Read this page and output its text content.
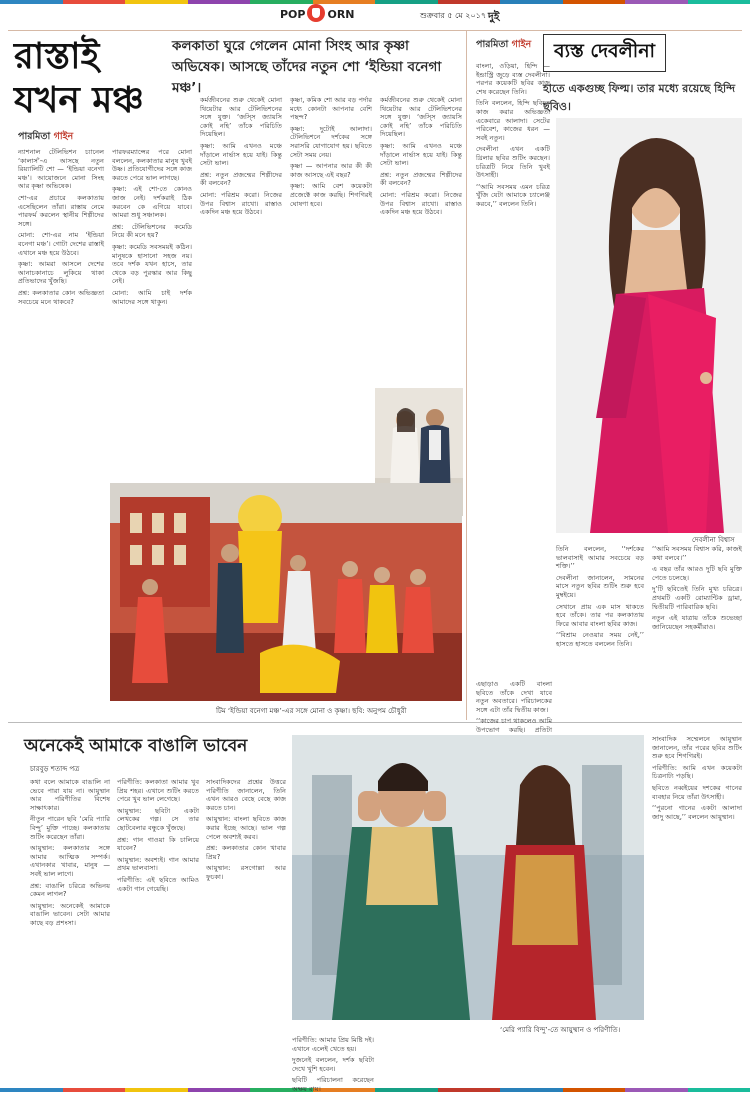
POP ORN	শুক্রবার ৫ মে ২০১৭ দুই
রাস্তাই যখন মঞ্চ
কলকাতা ঘুরে গেলেন মোনা সিংহ আর কৃষ্ণা অভিষেক। আসছে তাঁদের নতুন শো ‘ইন্ডিয়া বনেগা মঞ্চ’।
পারমিতা গাইন

ন্যাশনাল টেলিভিশন চ্যানেল ‘কালার্স’-এ আসছে নতুন রিয়্যালিটি শো — ‘ইন্ডিয়া বনেগা মঞ্চ’। আয়োজনে মোনা সিংহ আর কৃষ্ণা অভিষেক।

শো-এর প্রচারে কলকাতায় এসেছিলেন তাঁরা। রাস্তায় নেমে পারফর্ম করলেন স্থানীয় শিল্পীদের সঙ্গে।

মোনা: শো-এর নাম ‘ইন্ডিয়া বনেগা মঞ্চ’। গোটা দেশের রাস্তাই এখানে মঞ্চ হয়ে উঠবে।

কৃষ্ণা: আমরা আসলে দেশের আনাচকানাচে লুকিয়ে থাকা প্রতিভাদের খুঁজছি।

প্রশ্ন: কলকাতার কোন অভিজ্ঞতা সবচেয়ে মনে থাকবে?

পারফরম্যান্সের পরে মোনা বললেন, কলকাতার মানুষ খুবই উষ্ণ। প্রতিযোগীদের সঙ্গে কাজ করতে পেরে ভাল লাগছে।

কৃষ্ণা: এই শো-তে কোনও জাজ নেই। দর্শকরাই ঠিক করবেন কে এগিয়ে যাবে। আমরা শুধু সঞ্চালক।

প্রশ্ন: টেলিভিশনের কমেডি নিয়ে কী মনে হয়?

কৃষ্ণা: কমেডি সবসময়ই কঠিন। মানুষকে হাসানো সহজ নয়। তবে দর্শক যখন হাসে, তার থেকে বড় পুরস্কার আর কিছু নেই।

মোনা: আমি চাই দর্শক আমাদের সঙ্গে থাকুন।

কর্মজীবনের শুরু থেকেই মোনা থিয়েটার আর টেলিভিশনের সঙ্গে যুক্ত। ‘জস্সি জ্যায়সি কোই নহি’ তাঁকে পরিচিতি দিয়েছিল।

কৃষ্ণা: আমি এখনও মঞ্চে দাঁড়ালে নার্ভাস হয়ে যাই। কিন্তু সেটা ভাল।

প্রশ্ন: নতুন প্রজন্মের শিল্পীদের কী বলবেন?

মোনা: পরিশ্রম করো। নিজের উপর বিশ্বাস রাখো। রাস্তাও একদিন মঞ্চ হয়ে উঠবে।

কৃষ্ণা, কমিক শো আর বড় পর্দার মধ্যে কোনটা আপনার বেশি পছন্দ?

কৃষ্ণা: দুটোই আলাদা। টেলিভিশনে দর্শকের সঙ্গে সরাসরি যোগাযোগ হয়। ছবিতে সেটা সময় নেয়।

কৃষ্ণা — আপনার আর কী কী কাজ আসছে এই বছর?

কৃষ্ণা: আমি বেশ কয়েকটা প্রজেক্টে কাজ করছি। শিগগিরই ঘোষণা হবে।

কর্মজীবনের শুরু থেকেই মোনা থিয়েটার আর টেলিভিশনের সঙ্গে যুক্ত। ‘জস্সি জ্যায়সি কোই নহি’ তাঁকে পরিচিতি দিয়েছিল।

কৃষ্ণা: আমি এখনও মঞ্চে দাঁড়ালে নার্ভাস হয়ে যাই। কিন্তু সেটা ভাল।

প্রশ্ন: নতুন প্রজন্মের শিল্পীদের কী বলবেন?

মোনা: পরিশ্রম করো। নিজের উপর বিশ্বাস রাখো। রাস্তাও একদিন মঞ্চ হয়ে উঠবে।

টিম ‘ইন্ডিয়া বনেগা মঞ্চ’-এর সঙ্গে মোনা ও কৃষ্ণা। ছবি: অনুপম চৌধুরী
পারমিতা গাইন	ব্যস্ত দেবলীনা
হাতে একগুচ্ছ ফিল্ম। তার মধ্যে রয়েছে হিন্দি ছবিও।

বাংলা, ওড়িয়া, হিন্দি — ইন্ডাস্ট্রি জুড়ে ব্যস্ত দেবলীনা। পরপর কয়েকটি ছবির কাজ শেষ করেছেন তিনি।

তিনি বললেন, হিন্দি ছবিতে কাজ করার অভিজ্ঞতা একেবারে আলাদা। সেটের পরিবেশ, কাজের ধরন — সবই নতুন।

দেবলীনা এখন একটি থ্রিলার ছবির শুটিং করছেন। চরিত্রটি নিয়ে তিনি খুবই উৎসাহী।

‘‘আমি সবসময় এমন চরিত্র খুঁজি যেটা আমাকে চ্যালেঞ্জ করবে,’’ বললেন তিনি।

দেবলীনা বিশ্বাস

তিনি বললেন, ‘‘দর্শকের ভালবাসাই আমার সবচেয়ে বড় শক্তি।’’

দেবলীনা জানালেন, সামনের মাসে নতুন ছবির শুটিং শুরু হবে মুম্বইয়ে।

সেখানে প্রায় এক মাস থাকতে হবে তাঁকে। তার পর কলকাতায় ফিরে আবার বাংলা ছবির কাজ।

‘‘বিশ্রাম নেওয়ার সময় নেই,’’ হাসতে হাসতে বললেন তিনি।

‘‘আমি সবসময় বিশ্বাস করি, কাজই কথা বলবে।’’

এ বছর তাঁর আরও দুটি ছবি মুক্তি পেতে চলেছে।

দু’টি ছবিতেই তিনি মুখ্য চরিত্রে। প্রথমটি একটি রোম্যান্টিক ড্রামা, দ্বিতীয়টি পারিবারিক ছবি।

নতুন এই যাত্রায় তাঁকে শুভেচ্ছা জানিয়েছেন সহকর্মীরাও।

এছাড়াও একটি বাংলা ছবিতে তাঁকে দেখা যাবে নতুন অবতারে। পরিচালকের সঙ্গে এটা তাঁর দ্বিতীয় কাজ।

‘‘কাজের চাপ থাকলেও আমি উপভোগ করছি। প্রতিটা

অনেকেই আমাকে বাঙালি ভাবেন
চারবুড় শতাব্দ পত্র

কথা বলে আমাকে বাঙালি না ভেবে পারা যায় না। আয়ুষ্মান আর পরিণীতির বিশেষ সাক্ষাৎকার।

নীতুন পারেন ছবি ‘মেরি প্যারি বিন্দু’ মুক্তি পাচ্ছে। কলকাতায় শুটিং করেছেন তাঁরা।

আয়ুষ্মান: কলকাতার সঙ্গে আমার আত্মিক সম্পর্ক। এখানকার খাবার, মানুষ — সবই ভাল লাগে।

প্রশ্ন: বাঙালি চরিত্রে অভিনয় কেমন লাগল?

আয়ুষ্মান: অনেকেই আমাকে বাঙালি ভাবেন। সেটা আমার কাছে বড় প্রশংসা।

পরিণীতি: কলকাতা আমার খুব প্রিয় শহর। এখানে শুটিং করতে পেরে খুব ভাল লেগেছে।

আয়ুষ্মান: ছবিটা একটা লেখকের গল্প। সে তার ছোটবেলার বন্ধুকে খুঁজছে।

প্রশ্ন: গান গাওয়া কি চালিয়ে যাবেন?

আয়ুষ্মান: অবশ্যই। গান আমার প্রথম ভালবাসা।

পরিণীতি: এই ছবিতে আমিও একটা গান গেয়েছি।

সাংবাদিকদের প্রশ্নের উত্তরে পরিণীতি জানালেন, তিনি এখন আরও বেছে বেছে কাজ করতে চান।

আয়ুষ্মান: বাংলা ছবিতে কাজ করার ইচ্ছে আছে। ভাল গল্প পেলে অবশ্যই করব।

প্রশ্ন: কলকাতার কোন খাবার প্রিয়?

আয়ুষ্মান: রসগোল্লা আর ফুচকা।

সাংবাদিক সম্মেলনে আয়ুষ্মান জানালেন, তাঁর পরের ছবির শুটিং শুরু হবে শিগগিরই।

পরিণীতি: আমি এখন কয়েকটা চিত্রনাট্য পড়ছি।

ছবিতে নব্বইয়ের দশকের গানের ব্যবহার নিয়ে তাঁরা উৎসাহী।

‘‘পুরনো গানের একটা আলাদা জাদু আছে,’’ বললেন আয়ুষ্মান।

‘মেরি প্যারি বিন্দু’-তে আয়ুষ্মান ও পরিণীতি।

পরিণীতি: আমার প্রিয় মিষ্টি দই। এখানে এলেই খেতে হয়।

দুজনেই বললেন, দর্শক ছবিটা দেখে খুশি হবেন।

ছবিটি পরিচালনা করেছেন অক্ষয় রায়।
